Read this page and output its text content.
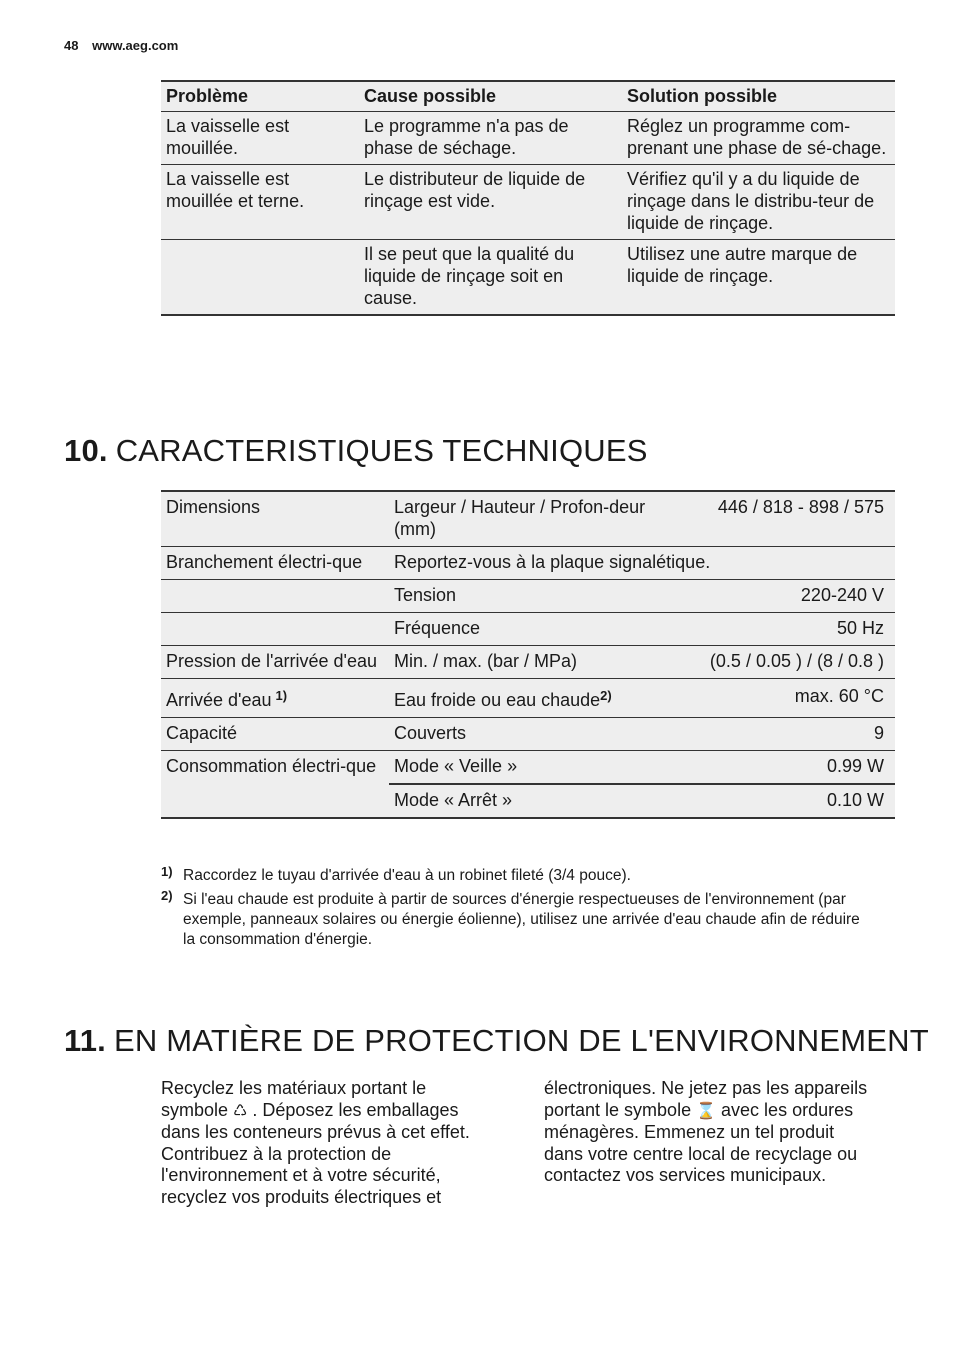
48 www.aeg.com
Problème	Cause possible	Solution possible
La vaisselle est mouillée.	Le programme n'a pas de phase de séchage.	Réglez un programme com-prenant une phase de sé-chage.
La vaisselle est mouillée et terne.	Le distributeur de liquide de rinçage est vide.	Vérifiez qu'il y a du liquide de rinçage dans le distribu-teur de liquide de rinçage.
	Il se peut que la qualité du liquide de rinçage soit en cause.	Utilisez une autre marque de liquide de rinçage.
10. CARACTERISTIQUES TECHNIQUES
Dimensions	Largeur / Hauteur / Profon-deur (mm)	446 / 818 - 898 / 575
Branchement électri-que	Reportez-vous à la plaque signalétique.	
	Tension	220-240 V
	Fréquence	50 Hz
Pression de l'arrivée d'eau	Min. / max. (bar / MPa)	(0.5 / 0.05 ) / (8 / 0.8 )
Arrivée d'eau $^{1)}$	Eau froide ou eau chaude$^{2)}$	max. 60 °C
Capacité	Couverts	9
Consommation électri-que	Mode « Veille »	0.99 W
	Mode « Arrêt »	0.10 W
1) Raccordez le tuyau d'arrivée d'eau à un robinet fileté (3/4 pouce).
2) Si l'eau chaude est produite à partir de sources d'énergie respectueuses de l'environnement (par exemple, panneaux solaires ou énergie éolienne), utilisez une arrivée d'eau chaude afin de réduire la consommation d'énergie.
11. EN MATIÈRE DE PROTECTION DE L'ENVIRONNEMENT
Recyclez les matériaux portant le symbole ♺ . Déposez les emballages dans les conteneurs prévus à cet effet.
Contribuez à la protection de l'environnement et à votre sécurité, recyclez vos produits électriques et
électroniques. Ne jetez pas les appareils portant le symbole ⌛ avec les ordures ménagères. Emmenez un tel produit dans votre centre local de recyclage ou contactez vos services municipaux.
